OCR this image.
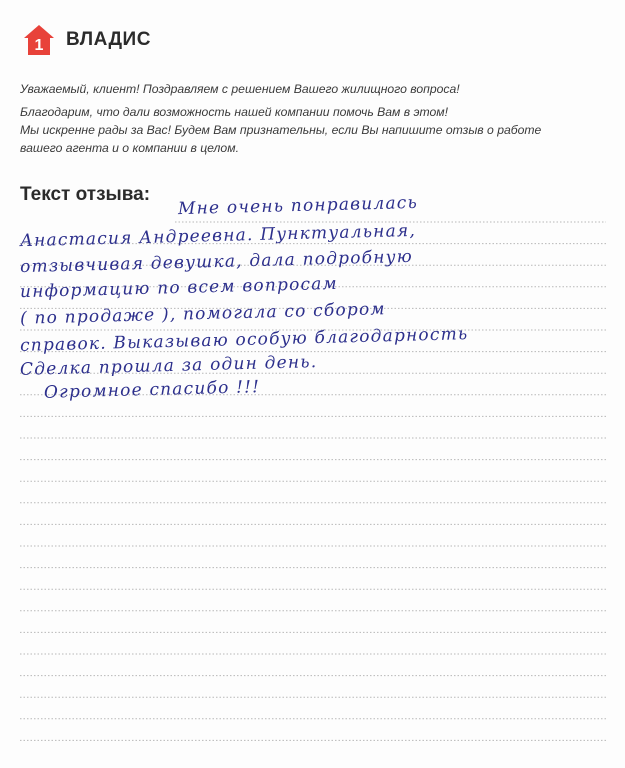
1 ВЛАДИС

Уважаемый, клиент! Поздравляем с решением Вашего жилищного вопроса!

Благодарим, что дали возможность нашей компании помочь Вам в этом!

Мы искренне рады за Вас! Будем Вам признательны, если Вы напишите отзыв о работе

вашего агента и о компании в целом.

Текст отзыва: Мне очень понравилась
Анастасия Андреевна. Пунктуальная,
отзывчивая девушка, дала подробную
информацию по всем вопросам
( по продаже ), помогала со сбором
справок. Выказываю особую благодарность
Сделка прошла за один день.
Огромное спасибо !!!
